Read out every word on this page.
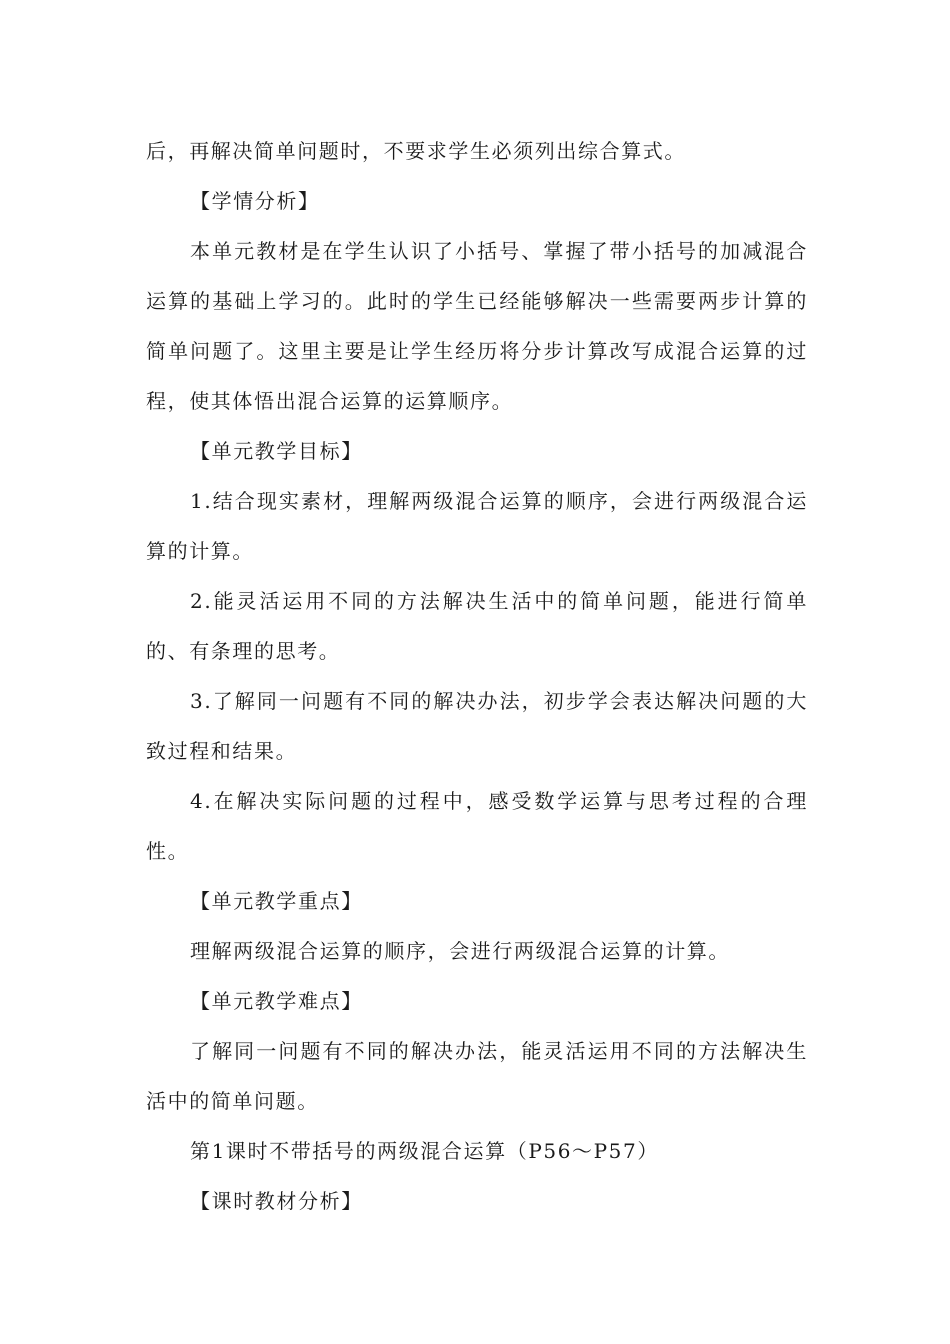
后，再解决简单问题时，不要求学生必须列出综合算式。

【学情分析】

本单元教材是在学生认识了小括号、掌握了带小括号的加减混合运算的基础上学习的。此时的学生已经能够解决一些需要两步计算的简单问题了。这里主要是让学生经历将分步计算改写成混合运算的过程，使其体悟出混合运算的运算顺序。

【单元教学目标】

1.结合现实素材，理解两级混合运算的顺序，会进行两级混合运算的计算。

2.能灵活运用不同的方法解决生活中的简单问题，能进行简单的、有条理的思考。

3.了解同一问题有不同的解决办法，初步学会表达解决问题的大致过程和结果。

4.在解决实际问题的过程中，感受数学运算与思考过程的合理性。

【单元教学重点】

理解两级混合运算的顺序，会进行两级混合运算的计算。

【单元教学难点】

了解同一问题有不同的解决办法，能灵活运用不同的方法解决生活中的简单问题。

第1课时不带括号的两级混合运算（P56～P57）

【课时教材分析】
